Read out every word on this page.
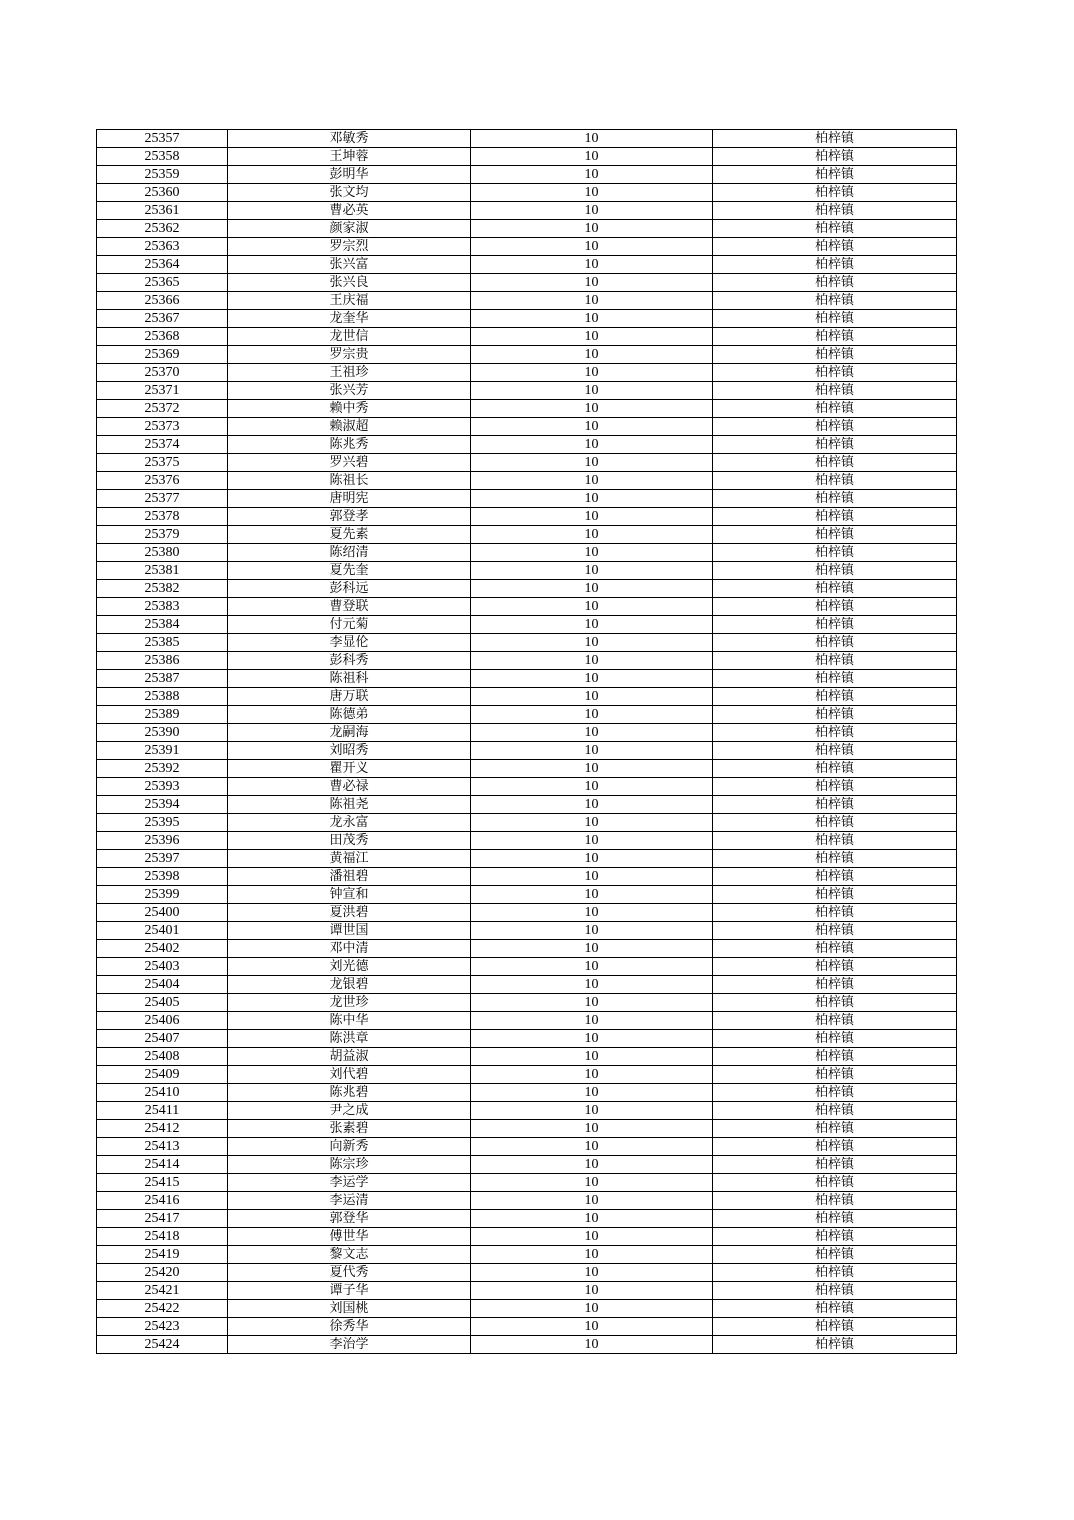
25357	邓敏秀	10	柏梓镇
25358	王坤蓉	10	柏梓镇
25359	彭明华	10	柏梓镇
25360	张文均	10	柏梓镇
25361	曹必英	10	柏梓镇
25362	颜家淑	10	柏梓镇
25363	罗宗烈	10	柏梓镇
25364	张兴富	10	柏梓镇
25365	张兴良	10	柏梓镇
25366	王庆福	10	柏梓镇
25367	龙奎华	10	柏梓镇
25368	龙世信	10	柏梓镇
25369	罗宗贵	10	柏梓镇
25370	王祖珍	10	柏梓镇
25371	张兴芳	10	柏梓镇
25372	赖中秀	10	柏梓镇
25373	赖淑超	10	柏梓镇
25374	陈兆秀	10	柏梓镇
25375	罗兴碧	10	柏梓镇
25376	陈祖长	10	柏梓镇
25377	唐明宪	10	柏梓镇
25378	郭登孝	10	柏梓镇
25379	夏先素	10	柏梓镇
25380	陈绍清	10	柏梓镇
25381	夏先奎	10	柏梓镇
25382	彭科远	10	柏梓镇
25383	曹登联	10	柏梓镇
25384	付元菊	10	柏梓镇
25385	李显伦	10	柏梓镇
25386	彭科秀	10	柏梓镇
25387	陈祖科	10	柏梓镇
25388	唐万联	10	柏梓镇
25389	陈德弟	10	柏梓镇
25390	龙嗣海	10	柏梓镇
25391	刘昭秀	10	柏梓镇
25392	瞿开义	10	柏梓镇
25393	曹必禄	10	柏梓镇
25394	陈祖尧	10	柏梓镇
25395	龙永富	10	柏梓镇
25396	田茂秀	10	柏梓镇
25397	黄福江	10	柏梓镇
25398	潘祖碧	10	柏梓镇
25399	钟宣和	10	柏梓镇
25400	夏洪碧	10	柏梓镇
25401	谭世国	10	柏梓镇
25402	邓中清	10	柏梓镇
25403	刘光德	10	柏梓镇
25404	龙银碧	10	柏梓镇
25405	龙世珍	10	柏梓镇
25406	陈中华	10	柏梓镇
25407	陈洪章	10	柏梓镇
25408	胡益淑	10	柏梓镇
25409	刘代碧	10	柏梓镇
25410	陈兆碧	10	柏梓镇
25411	尹之成	10	柏梓镇
25412	张素碧	10	柏梓镇
25413	向新秀	10	柏梓镇
25414	陈宗珍	10	柏梓镇
25415	李运学	10	柏梓镇
25416	李运清	10	柏梓镇
25417	郭登华	10	柏梓镇
25418	傅世华	10	柏梓镇
25419	黎文志	10	柏梓镇
25420	夏代秀	10	柏梓镇
25421	谭子华	10	柏梓镇
25422	刘国桃	10	柏梓镇
25423	徐秀华	10	柏梓镇
25424	李治学	10	柏梓镇
